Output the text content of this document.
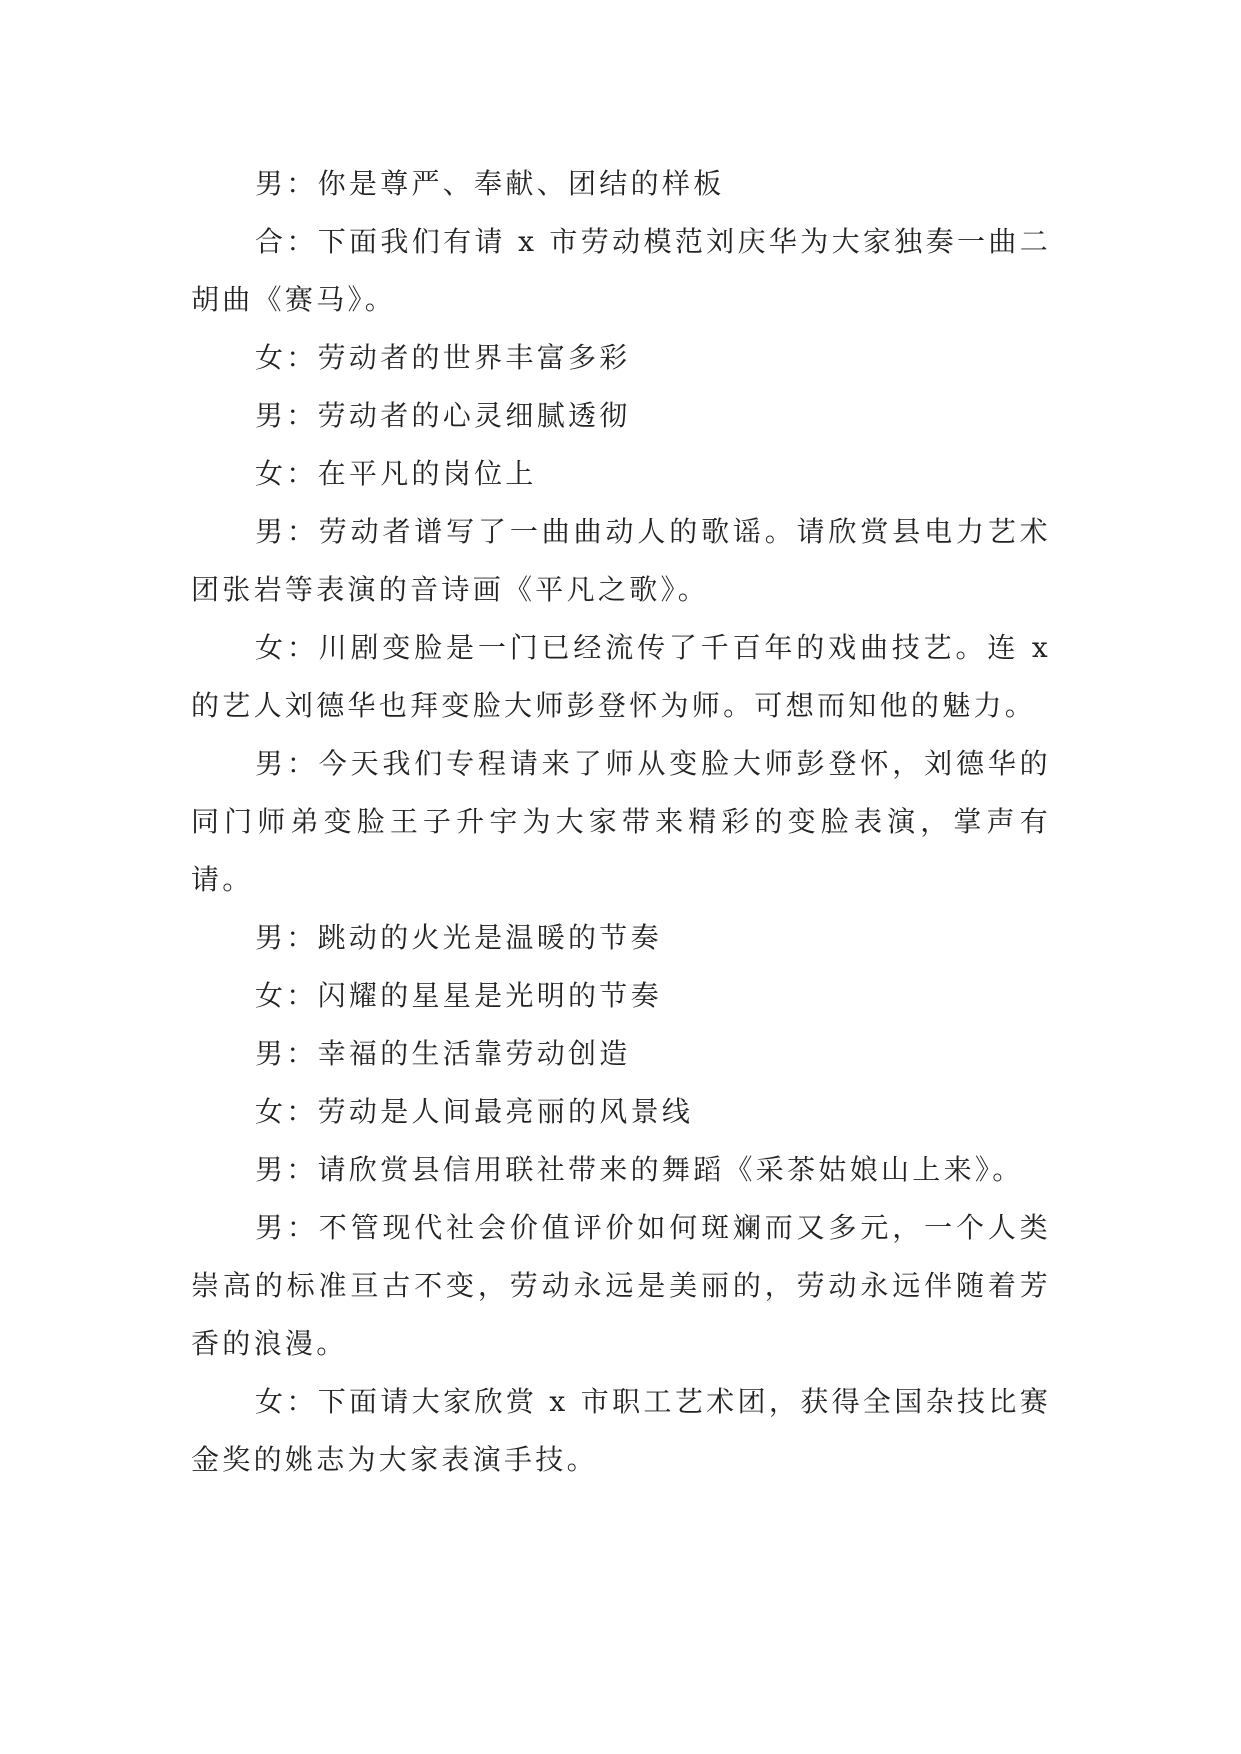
男：你是尊严、奉献、团结的样板

合：下面我们有请 x 市劳动模范刘庆华为大家独奏一曲二胡曲《赛马》。

女：劳动者的世界丰富多彩

男：劳动者的心灵细腻透彻

女：在平凡的岗位上

男：劳动者谱写了一曲曲动人的歌谣。请欣赏县电力艺术团张岩等表演的音诗画《平凡之歌》。

女：川剧变脸是一门已经流传了千百年的戏曲技艺。连 x 的艺人刘德华也拜变脸大师彭登怀为师。可想而知他的魅力。

男：今天我们专程请来了师从变脸大师彭登怀，刘德华的同门师弟变脸王子升宇为大家带来精彩的变脸表演，掌声有请。

男：跳动的火光是温暖的节奏

女：闪耀的星星是光明的节奏

男：幸福的生活靠劳动创造

女：劳动是人间最亮丽的风景线

男：请欣赏县信用联社带来的舞蹈《采茶姑娘山上来》。

男：不管现代社会价值评价如何斑斓而又多元，一个人类崇高的标准亘古不变，劳动永远是美丽的，劳动永远伴随着芳香的浪漫。

女：下面请大家欣赏 x 市职工艺术团，获得全国杂技比赛金奖的姚志为大家表演手技。
